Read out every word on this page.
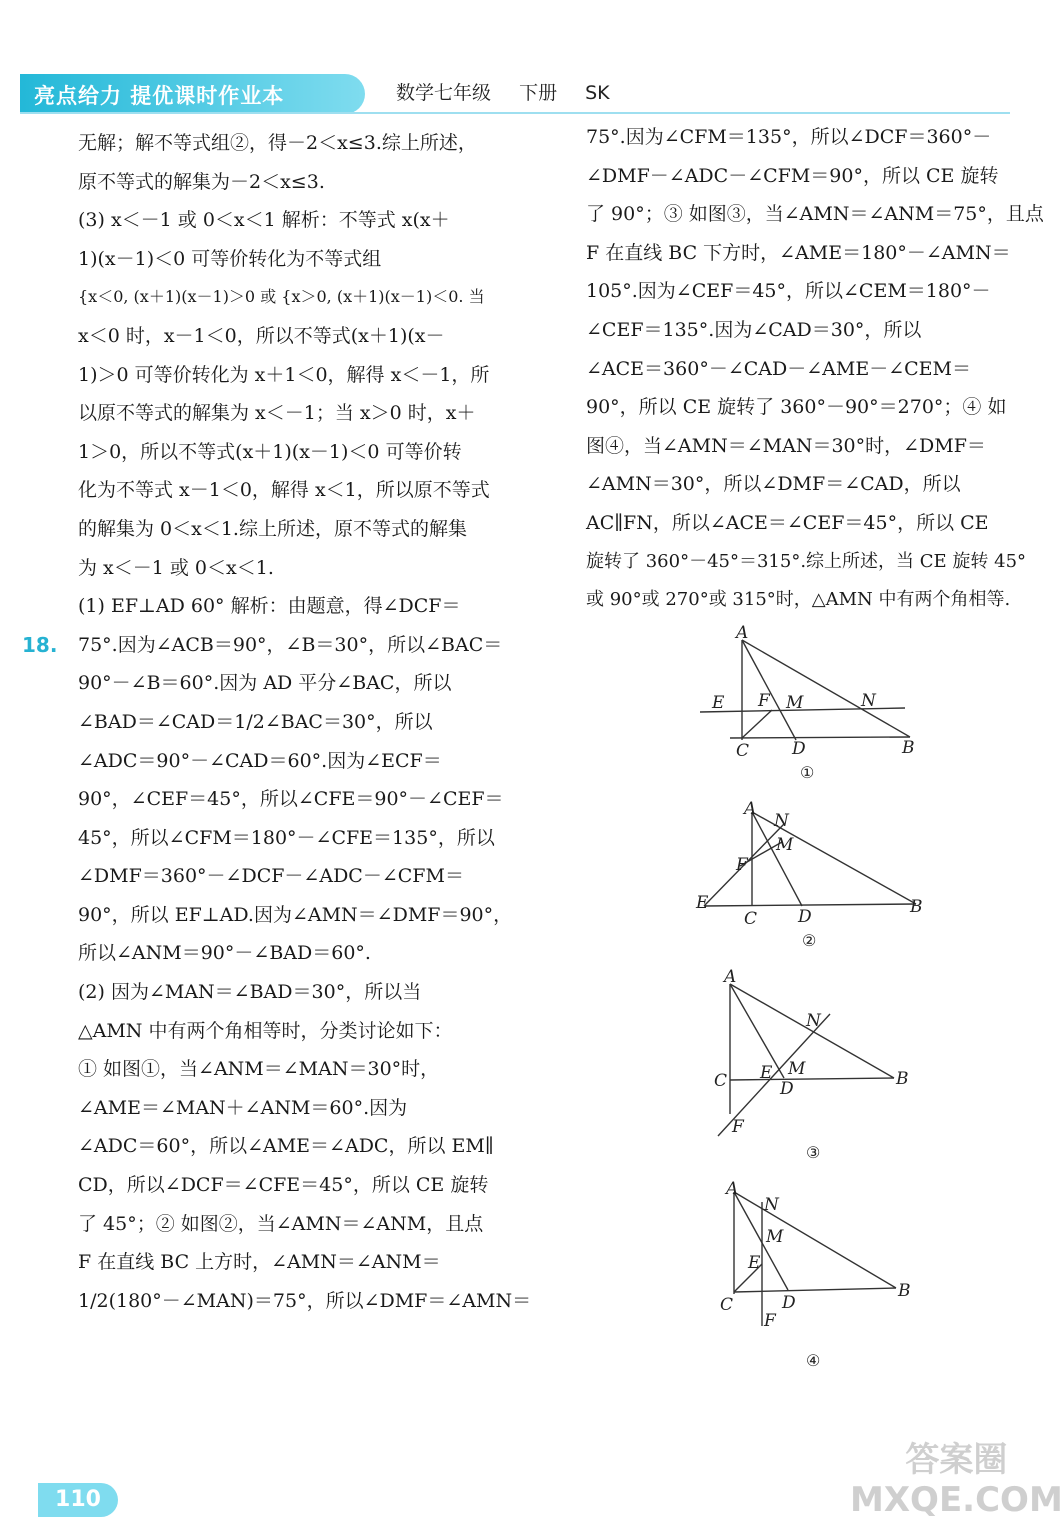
亮点给力 提优课时作业本	数学七年级 下册 SK
18.
无解；解不等式组②，得－2＜x≤3.综上所述，
原不等式的解集为－2＜x≤3.
(3) x＜－1 或 0＜x＜1 解析：不等式 x(x＋
1)(x－1)＜0 可等价转化为不等式组
{x＜0, (x＋1)(x－1)＞0 或 {x＞0, (x＋1)(x－1)＜0. 当
x＜0 时，x－1＜0，所以不等式(x＋1)(x－
1)＞0 可等价转化为 x＋1＜0，解得 x＜－1，所
以原不等式的解集为 x＜－1；当 x＞0 时，x＋
1＞0，所以不等式(x＋1)(x－1)＜0 可等价转
化为不等式 x－1＜0，解得 x＜1，所以原不等式
的解集为 0＜x＜1.综上所述，原不等式的解集
为 x＜－1 或 0＜x＜1.
(1) EF⊥AD 60° 解析：由题意，得∠DCF＝
75°.因为∠ACB＝90°，∠B＝30°，所以∠BAC＝
90°－∠B＝60°.因为 AD 平分∠BAC，所以
∠BAD＝∠CAD＝1/2∠BAC＝30°，所以
∠ADC＝90°－∠CAD＝60°.因为∠ECF＝
90°，∠CEF＝45°，所以∠CFE＝90°－∠CEF＝
45°，所以∠CFM＝180°－∠CFE＝135°，所以
∠DMF＝360°－∠DCF－∠ADC－∠CFM＝
90°，所以 EF⊥AD.因为∠AMN＝∠DMF＝90°，
所以∠ANM＝90°－∠BAD＝60°.
(2) 因为∠MAN＝∠BAD＝30°，所以当
△AMN 中有两个角相等时，分类讨论如下：
① 如图①，当∠ANM＝∠MAN＝30°时，
∠AME＝∠MAN＋∠ANM＝60°.因为
∠ADC＝60°，所以∠AME＝∠ADC，所以 EM∥
CD，所以∠DCF＝∠CFE＝45°，所以 CE 旋转
了 45°；② 如图②，当∠AMN＝∠ANM，且点
F 在直线 BC 上方时，∠AMN＝∠ANM＝
1/2(180°－∠MAN)＝75°，所以∠DMF＝∠AMN＝
75°.因为∠CFM＝135°，所以∠DCF＝360°－
∠DMF－∠ADC－∠CFM＝90°，所以 CE 旋转
了 90°；③ 如图③，当∠AMN＝∠ANM＝75°，且点
F 在直线 BC 下方时，∠AME＝180°－∠AMN＝
105°.因为∠CEF＝45°，所以∠CEM＝180°－
∠CEF＝135°.因为∠CAD＝30°，所以
∠ACE＝360°－∠CAD－∠AME－∠CEM＝
90°，所以 CE 旋转了 360°－90°＝270°；④ 如
图④，当∠AMN＝∠MAN＝30°时，∠DMF＝
∠AMN＝30°，所以∠DMF＝∠CAD，所以
AC∥FN，所以∠ACE＝∠CEF＝45°，所以 CE
旋转了 360°－45°＝315°.综上所述，当 CE 旋转 45°
或 90°或 270°或 315°时，△AMN 中有两个角相等.
A
E F M	N
C	D	B
①
A
N
M
F
E
C D	B
②
A
N
C E M
D	B
F
③
A
N
M
E
C	D
B
F
④
110
答案圈 MXQE.COM
